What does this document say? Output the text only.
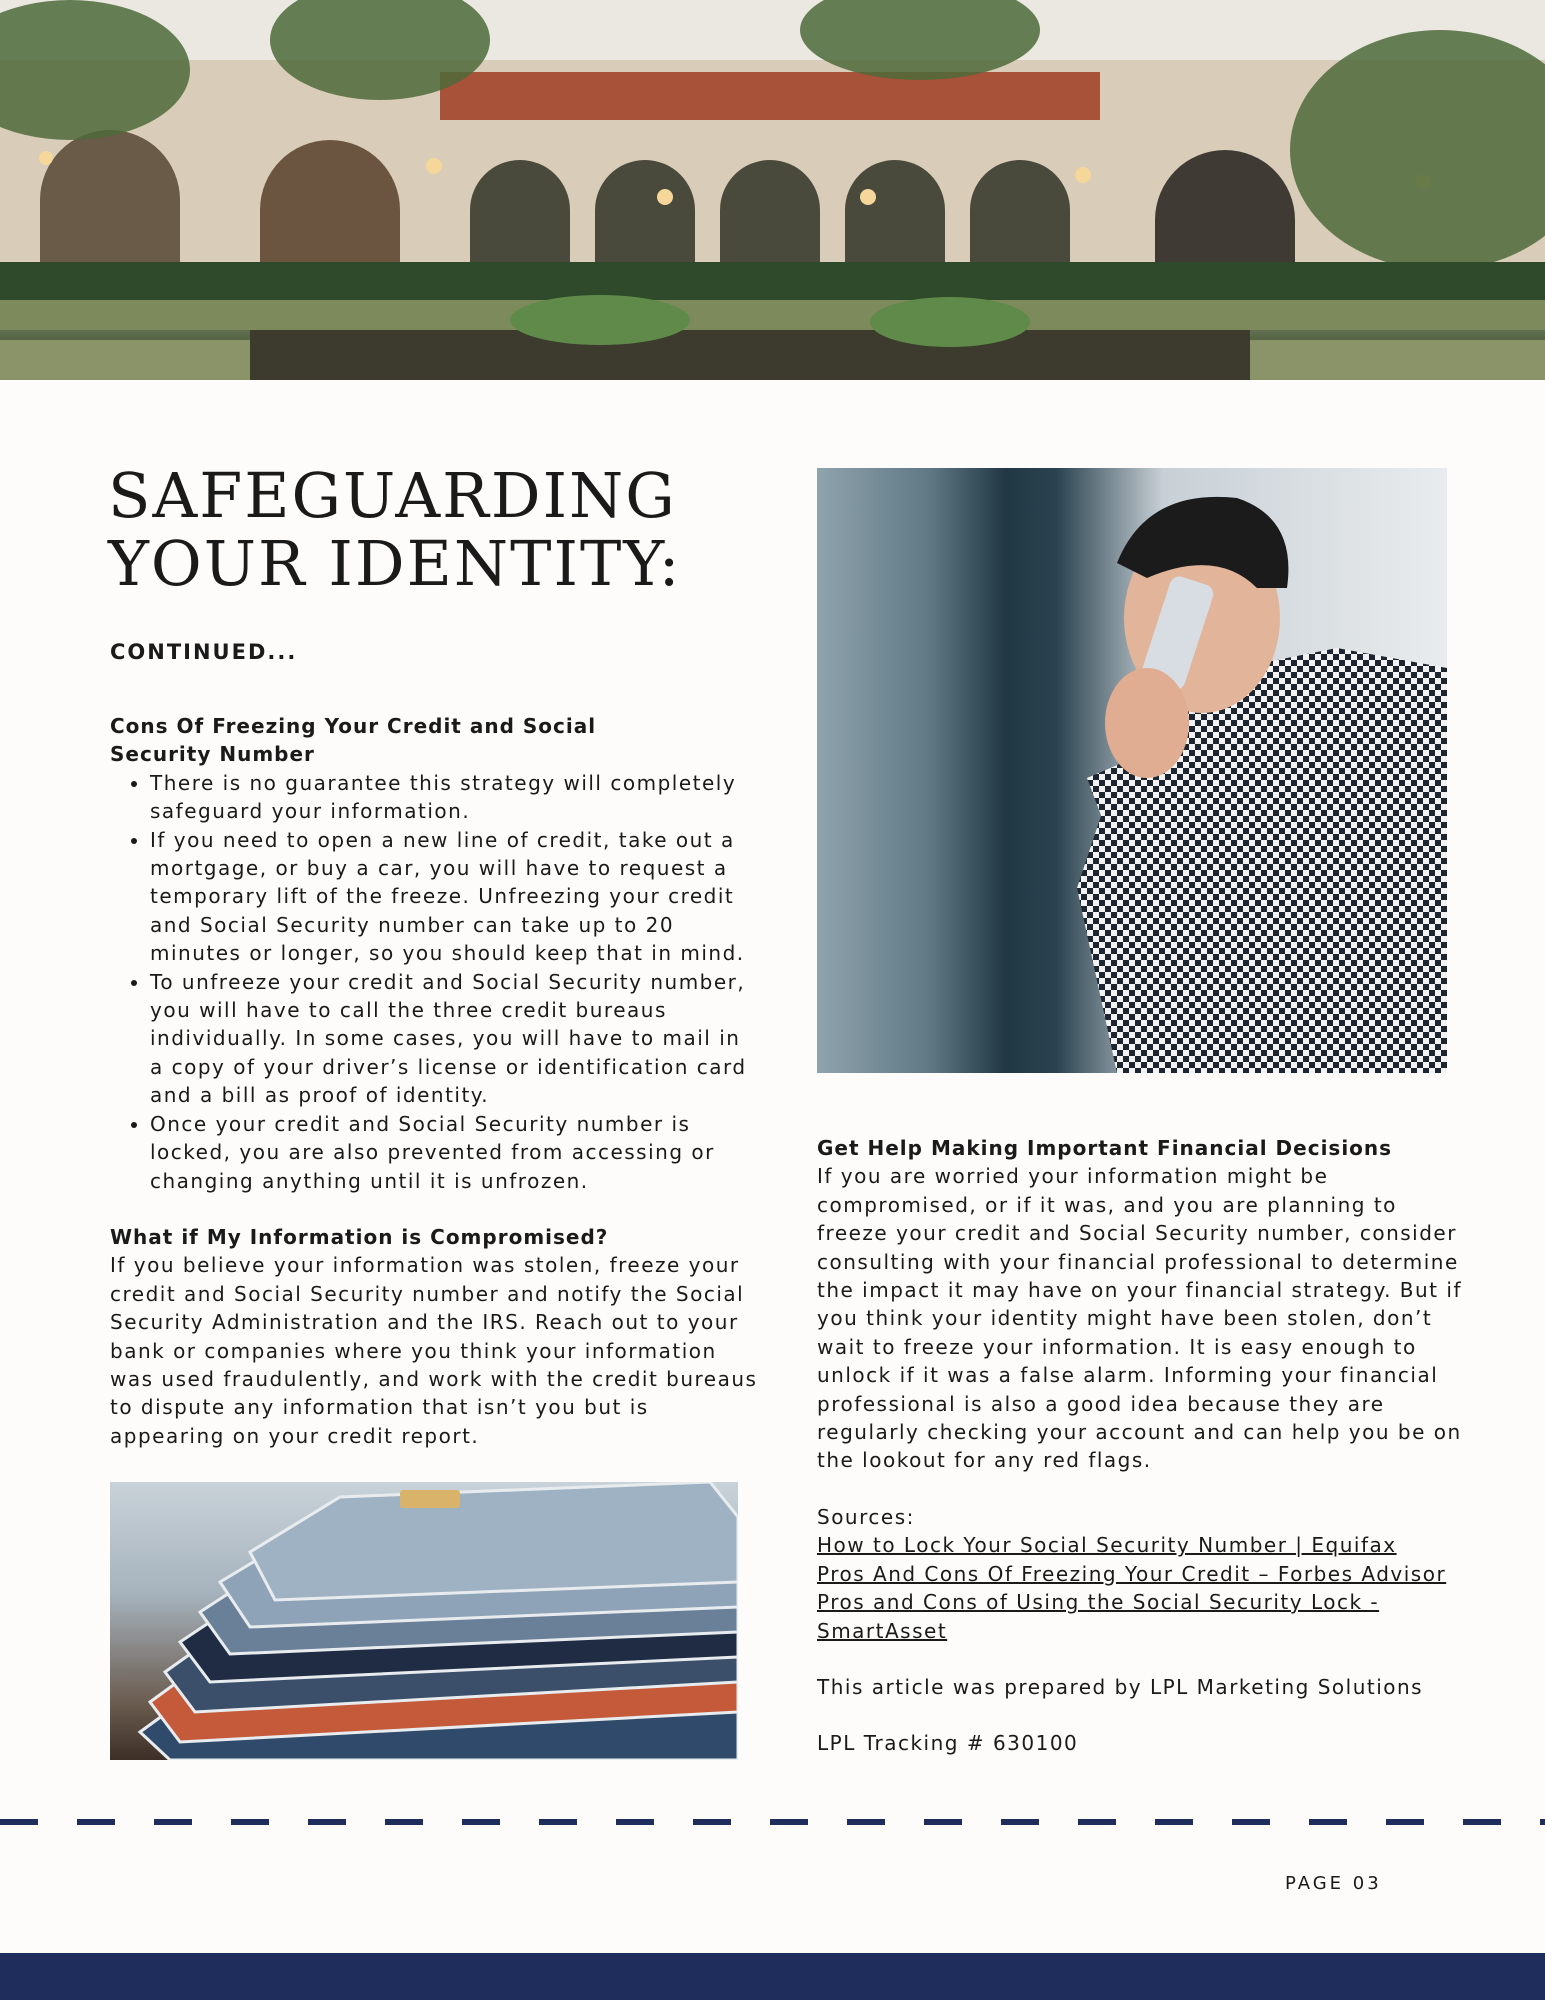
SAFEGUARDING
YOUR IDENTITY:
CONTINUED...
Cons Of Freezing Your Credit and Social
Security Number
• There is no guarantee this strategy will completely safeguard your information.
• If you need to open a new line of credit, take out a mortgage, or buy a car, you will have to request a temporary lift of the freeze. Unfreezing your credit and Social Security number can take up to 20 minutes or longer, so you should keep that in mind.
• To unfreeze your credit and Social Security number, you will have to call the three credit bureaus individually. In some cases, you will have to mail in a copy of your driver’s license or identification card and a bill as proof of identity.
• Once your credit and Social Security number is locked, you are also prevented from accessing or changing anything until it is unfrozen.
What if My Information is Compromised?
If you believe your information was stolen, freeze your credit and Social Security number and notify the Social Security Administration and the IRS. Reach out to your bank or companies where you think your information was used fraudulently, and work with the credit bureaus to dispute any information that isn’t you but is appearing on your credit report.
Get Help Making Important Financial Decisions
If you are worried your information might be compromised, or if it was, and you are planning to freeze your credit and Social Security number, consider consulting with your financial professional to determine the impact it may have on your financial strategy. But if you think your identity might have been stolen, don’t wait to freeze your information. It is easy enough to unlock if it was a false alarm. Informing your financial professional is also a good idea because they are regularly checking your account and can help you be on the lookout for any red flags.
Sources:
How to Lock Your Social Security Number | Equifax
Pros And Cons Of Freezing Your Credit – Forbes Advisor
Pros and Cons of Using the Social Security Lock - SmartAsset
This article was prepared by LPL Marketing Solutions
LPL Tracking # 630100
PAGE 03
